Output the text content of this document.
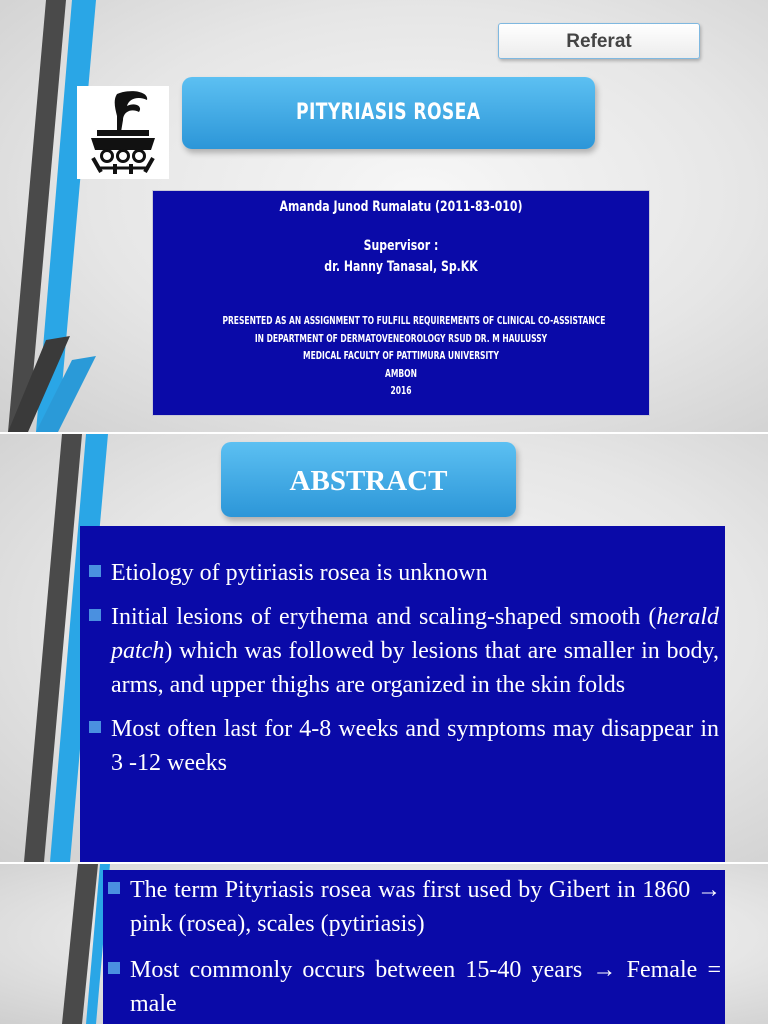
Referat
PITYRIASIS ROSEA
Amanda Junod Rumalatu (2011-83-010)
Supervisor :
dr. Hanny Tanasal, Sp.KK
PRESENTED AS AN ASSIGNMENT TO FULFILL REQUIREMENTS OF CLINICAL CO-ASSISTANCE
IN DEPARTMENT OF DERMATOVENEOROLOGY RSUD DR. M HAULUSSY
MEDICAL FACULTY OF PATTIMURA UNIVERSITY
AMBON
2016
ABSTRACT
Etiology of pytiriasis rosea is unknown
Initial lesions of erythema and scaling-shaped smooth (herald patch) which was followed by lesions that are smaller in body, arms, and upper thighs are organized in the skin folds
Most often last for 4-8 weeks and symptoms may disappear in 3 -12 weeks
The term Pityriasis rosea was first used by Gibert in 1860 → pink (rosea), scales (pytiriasis)
Most commonly occurs between 15-40 years → Female = male
